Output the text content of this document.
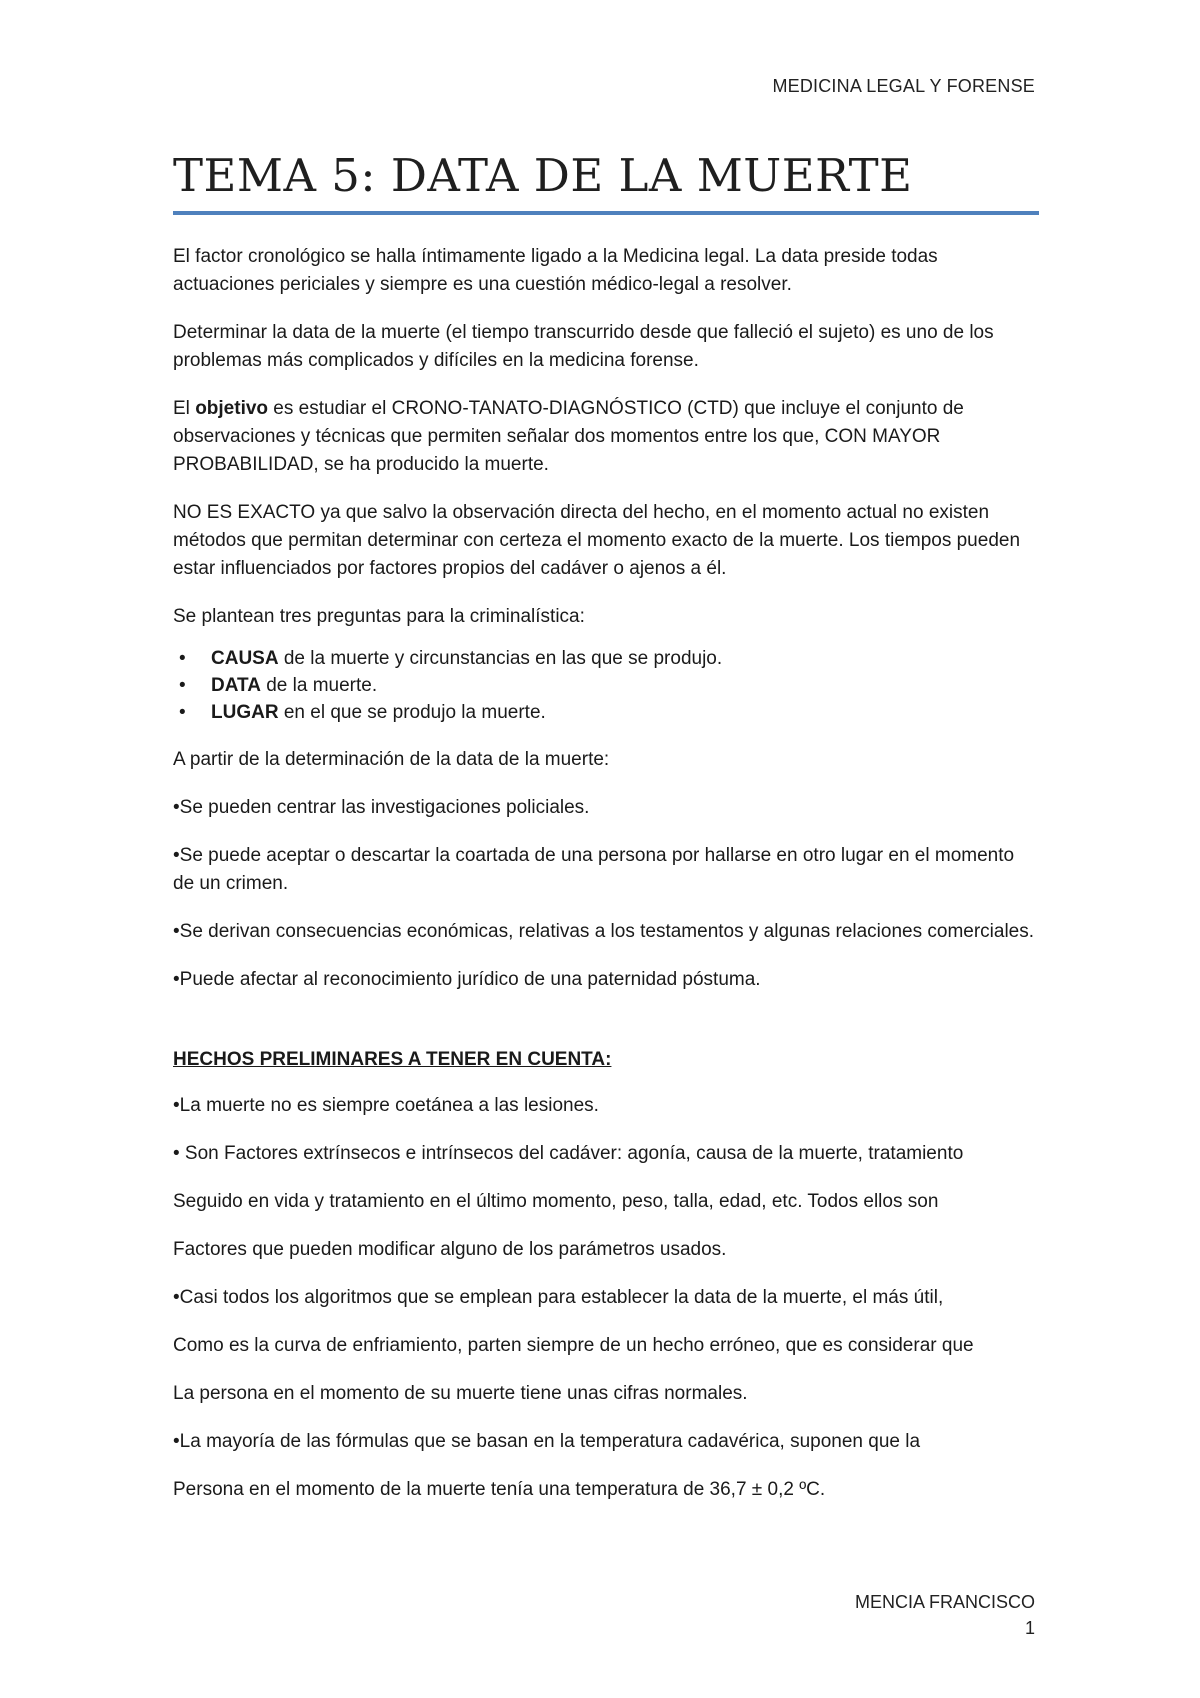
MEDICINA LEGAL Y FORENSE
TEMA 5: DATA DE LA MUERTE

El factor cronológico se halla íntimamente ligado a la Medicina legal. La data preside todas actuaciones periciales y siempre es una cuestión médico-legal a resolver.

Determinar la data de la muerte (el tiempo transcurrido desde que falleció el sujeto) es uno de los problemas más complicados y difíciles en la medicina forense.

El objetivo es estudiar el CRONO-TANATO-DIAGNÓSTICO (CTD) que incluye el conjunto de observaciones y técnicas que permiten señalar dos momentos entre los que, CON MAYOR PROBABILIDAD, se ha producido la muerte.

NO ES EXACTO ya que salvo la observación directa del hecho, en el momento actual no existen métodos que permitan determinar con certeza el momento exacto de la muerte. Los tiempos pueden estar influenciados por factores propios del cadáver o ajenos a él.

Se plantean tres preguntas para la criminalística:

• CAUSA de la muerte y circunstancias en las que se produjo.
• DATA de la muerte.
• LUGAR en el que se produjo la muerte.

A partir de la determinación de la data de la muerte:

•Se pueden centrar las investigaciones policiales.

•Se puede aceptar o descartar la coartada de una persona por hallarse en otro lugar en el momento de un crimen.

•Se derivan consecuencias económicas, relativas a los testamentos y algunas relaciones comerciales.

•Puede afectar al reconocimiento jurídico de una paternidad póstuma.

HECHOS PRELIMINARES A TENER EN CUENTA:

•La muerte no es siempre coetánea a las lesiones.

• Son Factores extrínsecos e intrínsecos del cadáver: agonía, causa de la muerte, tratamiento

Seguido en vida y tratamiento en el último momento, peso, talla, edad, etc. Todos ellos son

Factores que pueden modificar alguno de los parámetros usados.

•Casi todos los algoritmos que se emplean para establecer la data de la muerte, el más útil,

Como es la curva de enfriamiento, parten siempre de un hecho erróneo, que es considerar que

La persona en el momento de su muerte tiene unas cifras normales.

•La mayoría de las fórmulas que se basan en la temperatura cadavérica, suponen que la

Persona en el momento de la muerte tenía una temperatura de 36,7 ± 0,2 ºC.

MENCIA FRANCISCO
1
